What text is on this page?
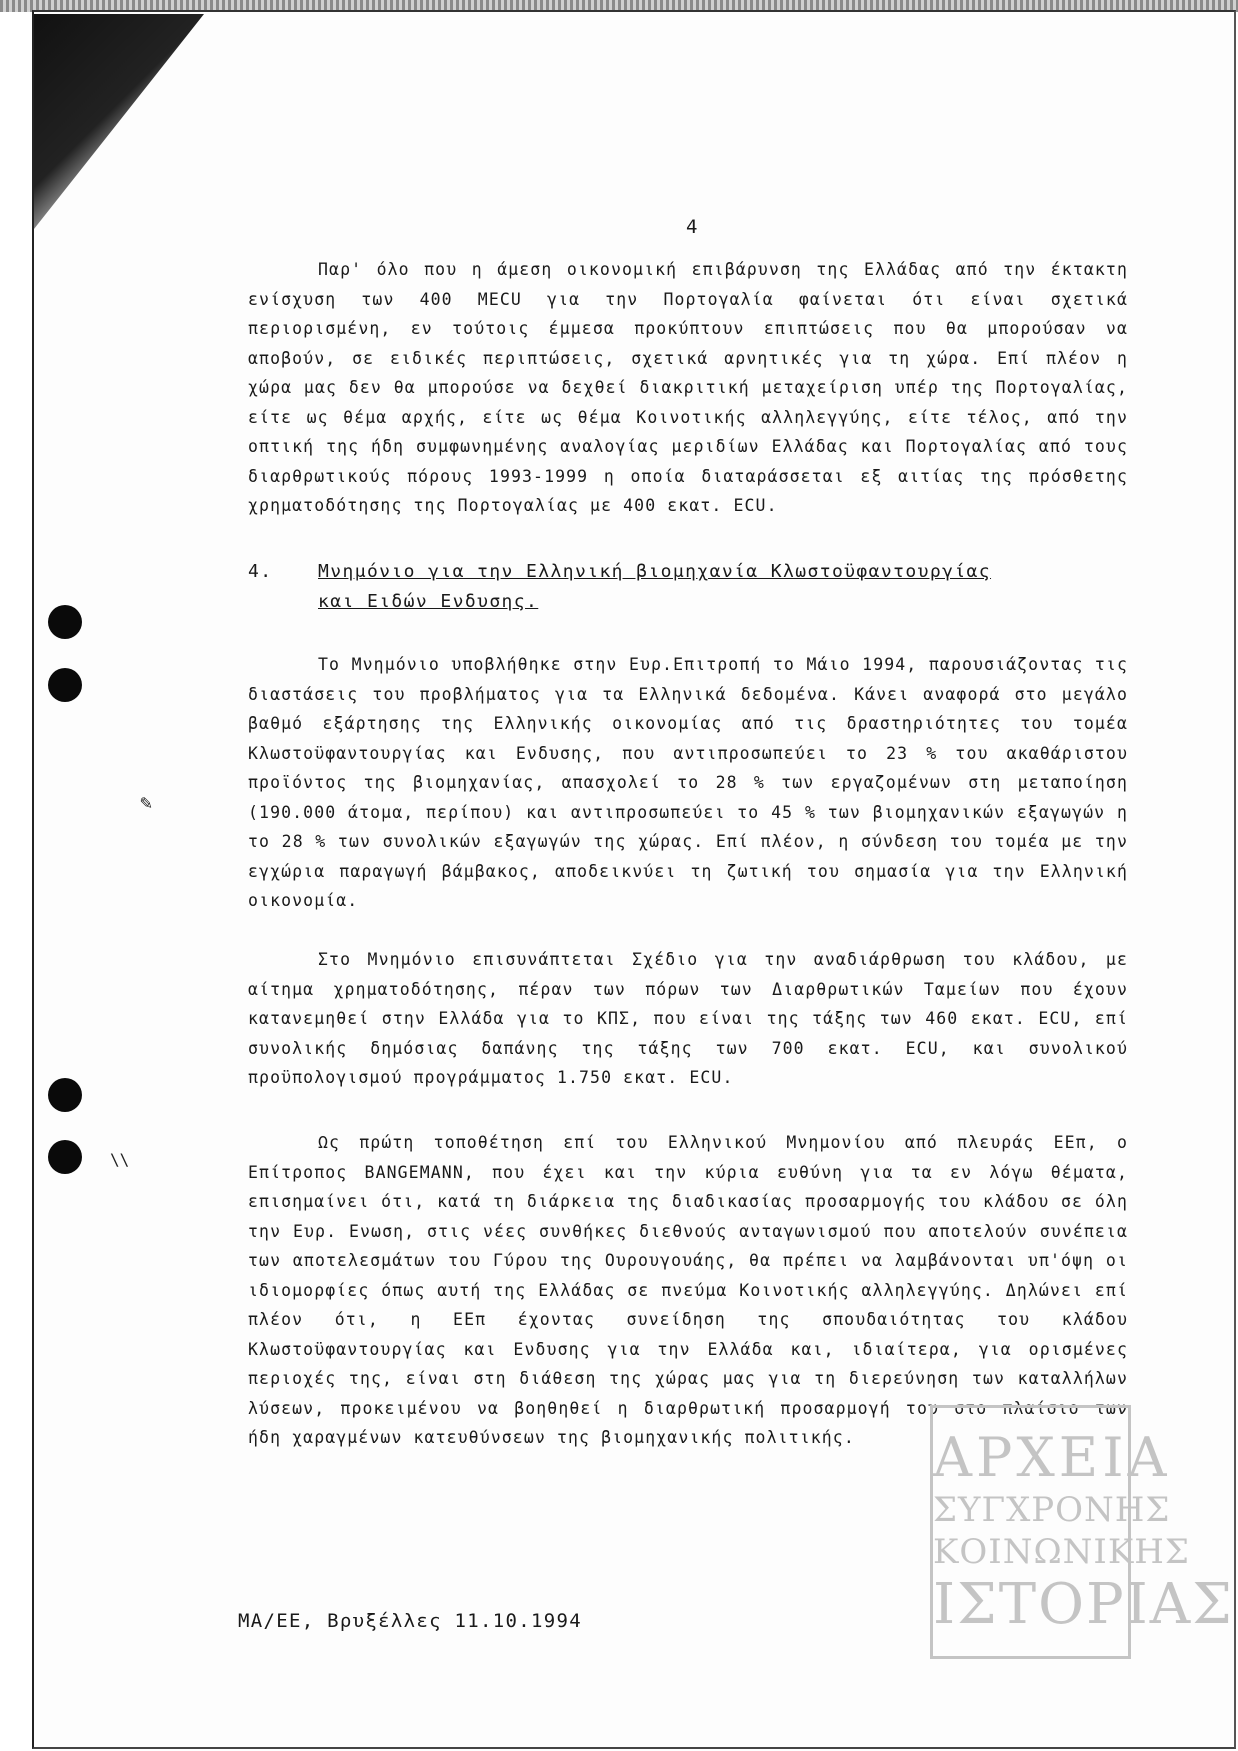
✎
\\
4

Παρ' όλο που η άμεση οικονομική επιβάρυνση της Ελλάδας από την έκτακτη ενίσχυση των 400 MECU για την Πορτογαλία φαίνεται ότι είναι σχετικά περιορισμένη, εν τούτοις έμμεσα προκύπτουν επιπτώσεις που θα μπορούσαν να αποβούν, σε ειδικές περιπτώσεις, σχετικά αρνητικές για τη χώρα. Επί πλέον η χώρα μας δεν θα μπορούσε να δεχθεί διακριτική μεταχείριση υπέρ της Πορτογαλίας, είτε ως θέμα αρχής, είτε ως θέμα Κοινοτικής αλληλεγγύης, είτε τέλος, από την οπτική της ήδη συμφωνημένης αναλογίας μεριδίων Ελλάδας και Πορτογαλίας από τους διαρθρωτικούς πόρους 1993-1999 η οποία διαταράσσεται εξ αιτίας της πρόσθετης χρηματοδότησης της Πορτογαλίας με 400 εκατ. ECU.

4.	Μνημόνιο για την Ελληνική βιομηχανία Κλωστοϋφαντουργίας
και Ειδών Ενδυσης.

Το Μνημόνιο υποβλήθηκε στην Ευρ.Επιτροπή το Μάιο 1994, παρουσιάζοντας τις διαστάσεις του προβλήματος για τα Ελληνικά δεδομένα. Κάνει αναφορά στο μεγάλο βαθμό εξάρτησης της Ελληνικής οικονομίας από τις δραστηριότητες του τομέα Κλωστοϋφαντουργίας και Ενδυσης, που αντιπροσωπεύει το 23 % του ακαθάριστου προϊόντος της βιομηχανίας, απασχολεί το 28 % των εργαζομένων στη μεταποίηση (190.000 άτομα, περίπου) και αντιπροσωπεύει το 45 % των βιομηχανικών εξαγωγών η το 28 % των συνολικών εξαγωγών της χώρας. Επί πλέον, η σύνδεση του τομέα με την εγχώρια παραγωγή βάμβακος, αποδεικνύει τη ζωτική του σημασία για την Ελληνική οικονομία.

Στο Μνημόνιο επισυνάπτεται Σχέδιο για την αναδιάρθρωση του κλάδου, με αίτημα χρηματοδότησης, πέραν των πόρων των Διαρθρωτικών Ταμείων που έχουν κατανεμηθεί στην Ελλάδα για το ΚΠΣ, που είναι της τάξης των 460 εκατ. ECU, επί συνολικής δημόσιας δαπάνης της τάξης των 700 εκατ. ECU, και συνολικού προϋπολογισμού προγράμματος 1.750 εκατ. ECU.

Ως πρώτη τοποθέτηση επί του Ελληνικού Μνημονίου από πλευράς ΕΕπ, ο Επίτροπος BANGEMANN, που έχει και την κύρια ευθύνη για τα εν λόγω θέματα, επισημαίνει ότι, κατά τη διάρκεια της διαδικασίας προσαρμογής του κλάδου σε όλη την Ευρ. Ενωση, στις νέες συνθήκες διεθνούς ανταγωνισμού που αποτελούν συνέπεια των αποτελεσμάτων του Γύρου της Ουρουγουάης, θα πρέπει να λαμβάνονται υπ'όψη οι ιδιομορφίες όπως αυτή της Ελλάδας σε πνεύμα Κοινοτικής αλληλεγγύης. Δηλώνει επί πλέον ότι, η ΕΕπ έχοντας συνείδηση της σπουδαιότητας του κλάδου Κλωστοϋφαντουργίας και Ενδυσης για την Ελλάδα και, ιδιαίτερα, για ορισμένες περιοχές της, είναι στη διάθεση της χώρας μας για τη διερεύνηση των καταλλήλων λύσεων, προκειμένου να βοηθηθεί η διαρθρωτική προσαρμογή του στο πλαίσιο των ήδη χαραγμένων κατευθύνσεων της βιομηχανικής πολιτικής.

ΜΑ/ΕΕ, Βρυξέλλες 11.10.1994
ΑΡΧΕΙΑ
ΣΥΓΧΡΟΝΗΣ
ΚΟΙΝΩΝΙΚΗΣ
ΙΣΤΟΡΙΑΣ
